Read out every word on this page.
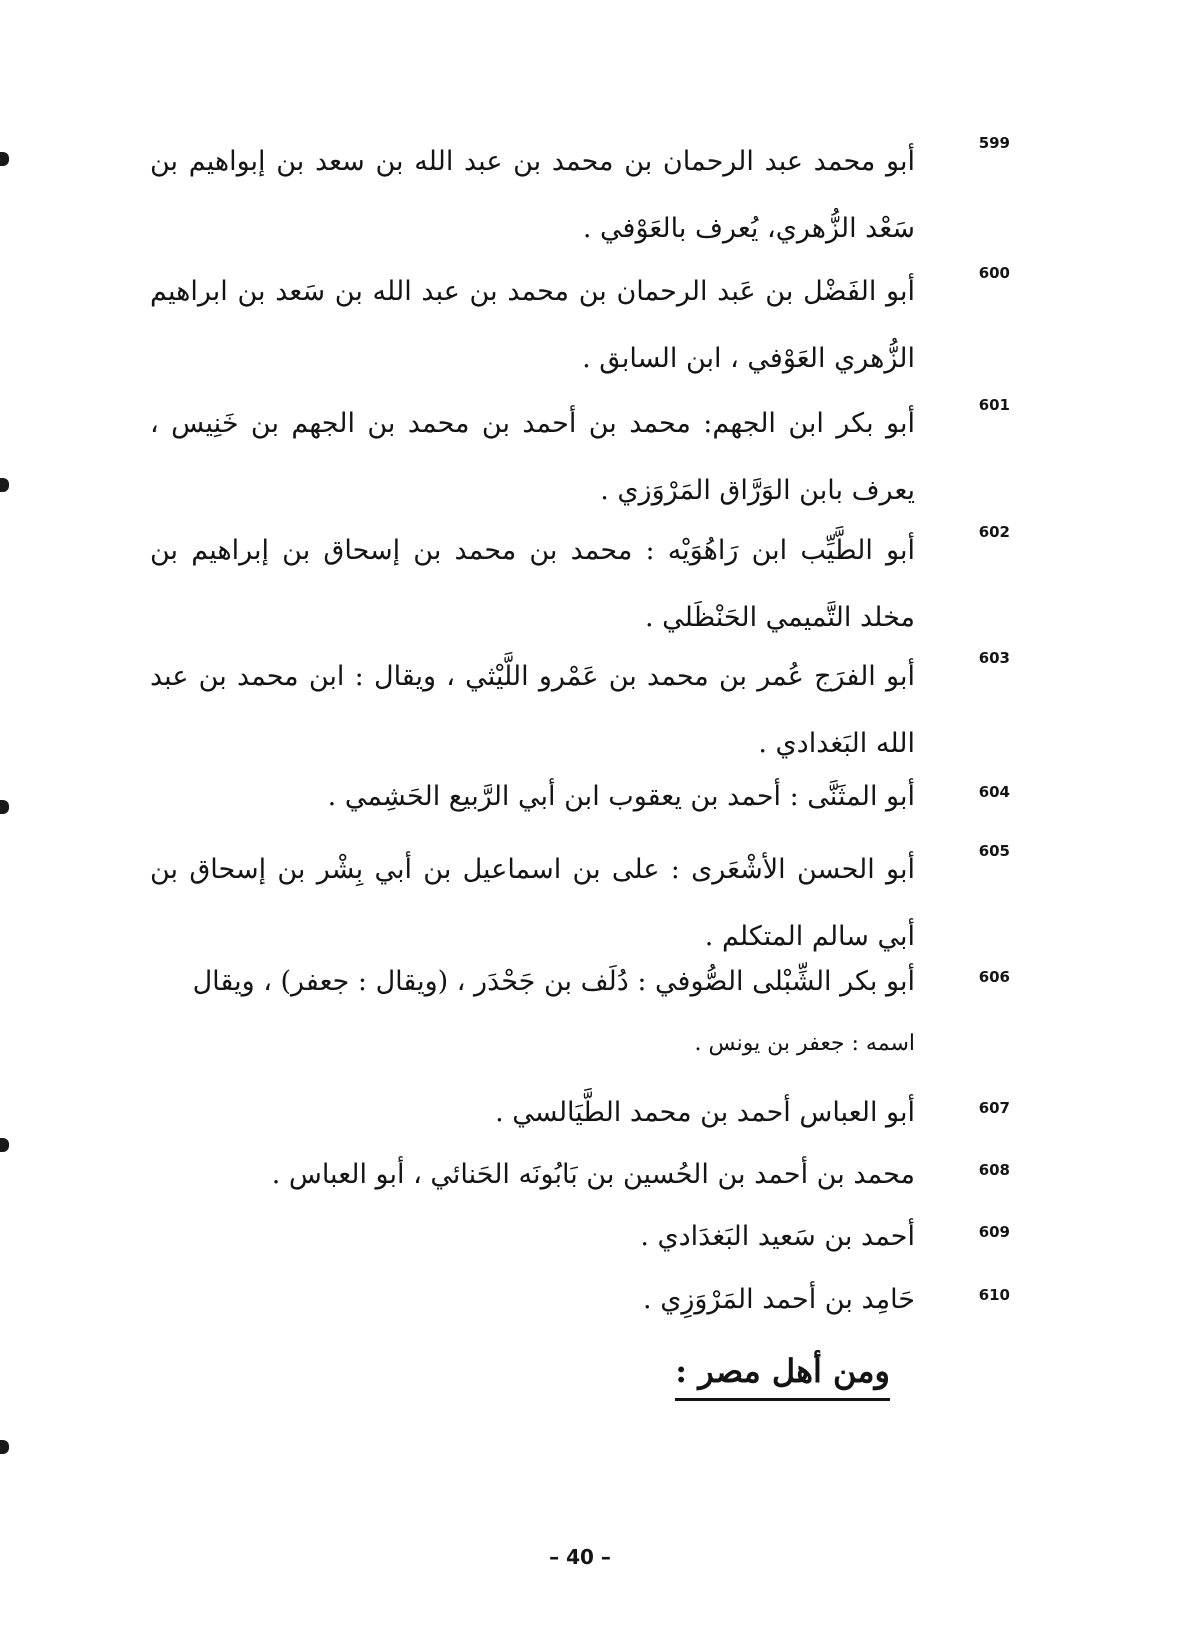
599
أبو محمد عبد الرحمان بن محمد بن عبد الله بن سعد بن إبواهيم بن سَعْد الزُّهري، يُعرف بالعَوْفي .
600
أبو الفَضْل بن عَبد الرحمان بن محمد بن عبد الله بن سَعد بن ابراهيم الزُّهري العَوْفي ، ابن السابق .
601
أبو بكر ابن الجهم: محمد بن أحمد بن محمد بن الجهم بن خَنِيس ، يعرف بابن الوَرَّاق المَرْوَزي .
602
أبو الطَّيِّب ابن رَاهُوَيْه : محمد بن محمد بن إسحاق بن إبراهيم بن مخلد التَّميمي الحَنْظَلي .
603
أبو الفرَج عُمر بن محمد بن عَمْرو اللَّيْثي ، ويقال : ابن محمد بن عبد الله البَغدادي .
604
أبو المثَنَّى : أحمد بن يعقوب ابن أبي الرَّبيع الحَشِمي .
605
أبو الحسن الأشْعَرى : على بن اسماعيل بن أبي بِشْر بن إسحاق بن أبي سالم المتكلم .
606
أبو بكر الشِّبْلى الصُّوفي : دُلَف بن جَحْدَر ، (ويقال : جعفر) ، ويقال
اسمه : جعفر بن يونس .
607
أبو العباس أحمد بن محمد الطَّيَالسي .
608
محمد بن أحمد بن الحُسين بن بَابُونَه الحَنائي ، أبو العباس .
609
أحمد بن سَعيد البَغدَادي .
610
حَامِد بن أحمد المَرْوَزِي .
ومن أهل مصر :
– 40 –
